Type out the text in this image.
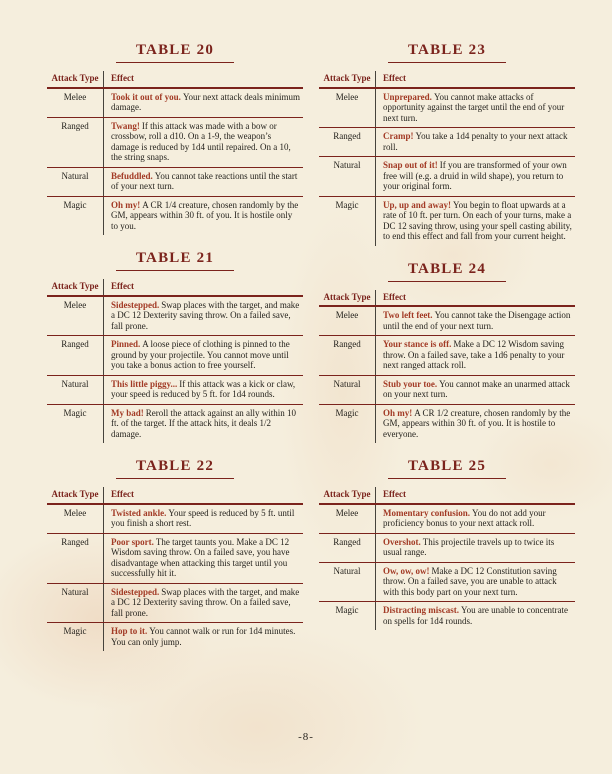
TABLE 20
Attack Type	Effect
Melee	Took it out of you. Your next attack deals minimum damage.
Ranged	Twang! If this attack was made with a bow or crossbow, roll a d10. On a 1-9, the weapon’s damage is reduced by 1d4 until repaired. On a 10, the string snaps.
Natural	Befuddled. You cannot take reactions until the start of your next turn.
Magic	Oh my! A CR 1/4 creature, chosen randomly by the GM, appears within 30 ft. of you. It is hostile only to you.
TABLE 21
Attack Type	Effect
Melee	Sidestepped. Swap places with the target, and make a DC 12 Dexterity saving throw. On a failed save, fall prone.
Ranged	Pinned. A loose piece of clothing is pinned to the ground by your projectile. You cannot move until you take a bonus action to free yourself.
Natural	This little piggy... If this attack was a kick or claw, your speed is reduced by 5 ft. for 1d4 rounds.
Magic	My bad! Reroll the attack against an ally within 10 ft. of the target. If the attack hits, it deals 1/2 damage.
TABLE 22
Attack Type	Effect
Melee	Twisted ankle. Your speed is reduced by 5 ft. until you finish a short rest.
Ranged	Poor sport. The target taunts you. Make a DC 12 Wisdom saving throw. On a failed save, you have disadvantage when attacking this target until you successfully hit it.
Natural	Sidestepped. Swap places with the target, and make a DC 12 Dexterity saving throw. On a failed save, fall prone.
Magic	Hop to it. You cannot walk or run for 1d4 minutes. You can only jump.
TABLE 23
Attack Type	Effect
Melee	Unprepared. You cannot make attacks of opportunity against the target until the end of your next turn.
Ranged	Cramp! You take a 1d4 penalty to your next attack roll.
Natural	Snap out of it! If you are transformed of your own free will (e.g. a druid in wild shape), you return to your original form.
Magic	Up, up and away! You begin to float upwards at a rate of 10 ft. per turn. On each of your turns, make a DC 12 saving throw, using your spell casting ability, to end this effect and fall from your current height.
TABLE 24
Attack Type	Effect
Melee	Two left feet. You cannot take the Disengage action until the end of your next turn.
Ranged	Your stance is off. Make a DC 12 Wisdom saving throw. On a failed save, take a 1d6 penalty to your next ranged attack roll.
Natural	Stub your toe. You cannot make an unarmed attack on your next turn.
Magic	Oh my! A CR 1/2 creature, chosen randomly by the GM, appears within 30 ft. of you. It is hostile to everyone.
TABLE 25
Attack Type	Effect
Melee	Momentary confusion. You do not add your proficiency bonus to your next attack roll.
Ranged	Overshot. This projectile travels up to twice its usual range.
Natural	Ow, ow, ow! Make a DC 12 Constitution saving throw. On a failed save, you are unable to attack with this body part on your next turn.
Magic	Distracting miscast. You are unable to concentrate on spells for 1d4 rounds.
-8-
